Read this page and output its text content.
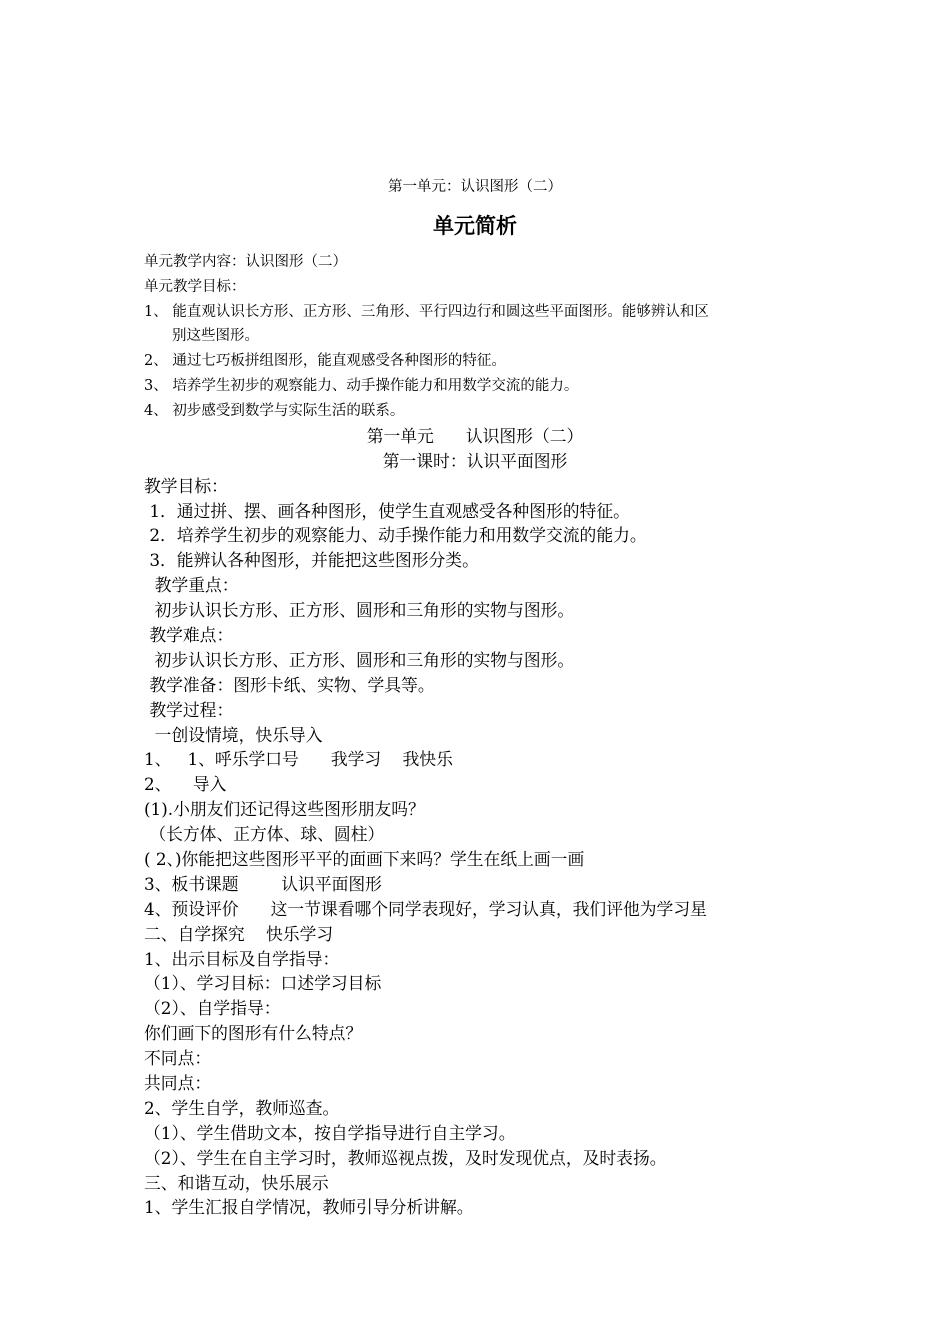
第一单元：认识图形（二）
单元简析
单元教学内容：认识图形（二）
单元教学目标：
1、 能直观认识长方形、正方形、三角形、平行四边行和圆这些平面图形。能够辨认和区
别这些图形。
2、 通过七巧板拼组图形，能直观感受各种图形的特征。
3、 培养学生初步的观察能力、动手操作能力和用数学交流的能力。
4、 初步感受到数学与实际生活的联系。
第一单元      认识图形（二）
第一课时：认识平面图形
教学目标：
1．通过拼、摆、画各种图形，使学生直观感受各种图形的特征。
2．培养学生初步的观察能力、动手操作能力和用数学交流的能力。
3．能辨认各种图形，并能把这些图形分类。
教学重点：
初步认识长方形、正方形、圆形和三角形的实物与图形。
教学难点：
初步认识长方形、正方形、圆形和三角形的实物与图形。
教学准备：图形卡纸、实物、学具等。
教学过程：
一创设情境，快乐导入
1、   1、呼乐学口号      我学习    我快乐
2、    导入
(1).小朋友们还记得这些图形朋友吗？
（长方体、正方体、球、圆柱）
( 2、)你能把这些图形平平的面画下来吗？学生在纸上画一画
3、板书课题        认识平面图形
4、预设评价      这一节课看哪个同学表现好，学习认真，我们评他为学习星
二、自学探究    快乐学习
1、出示目标及自学指导：
（1）、学习目标：口述学习目标
（2）、自学指导：
你们画下的图形有什么特点？
不同点：
共同点：
2、学生自学，教师巡查。
（1）、学生借助文本，按自学指导进行自主学习。
（2）、学生在自主学习时，教师巡视点拨，及时发现优点，及时表扬。
三、和谐互动，快乐展示
1、学生汇报自学情况，教师引导分析讲解。
